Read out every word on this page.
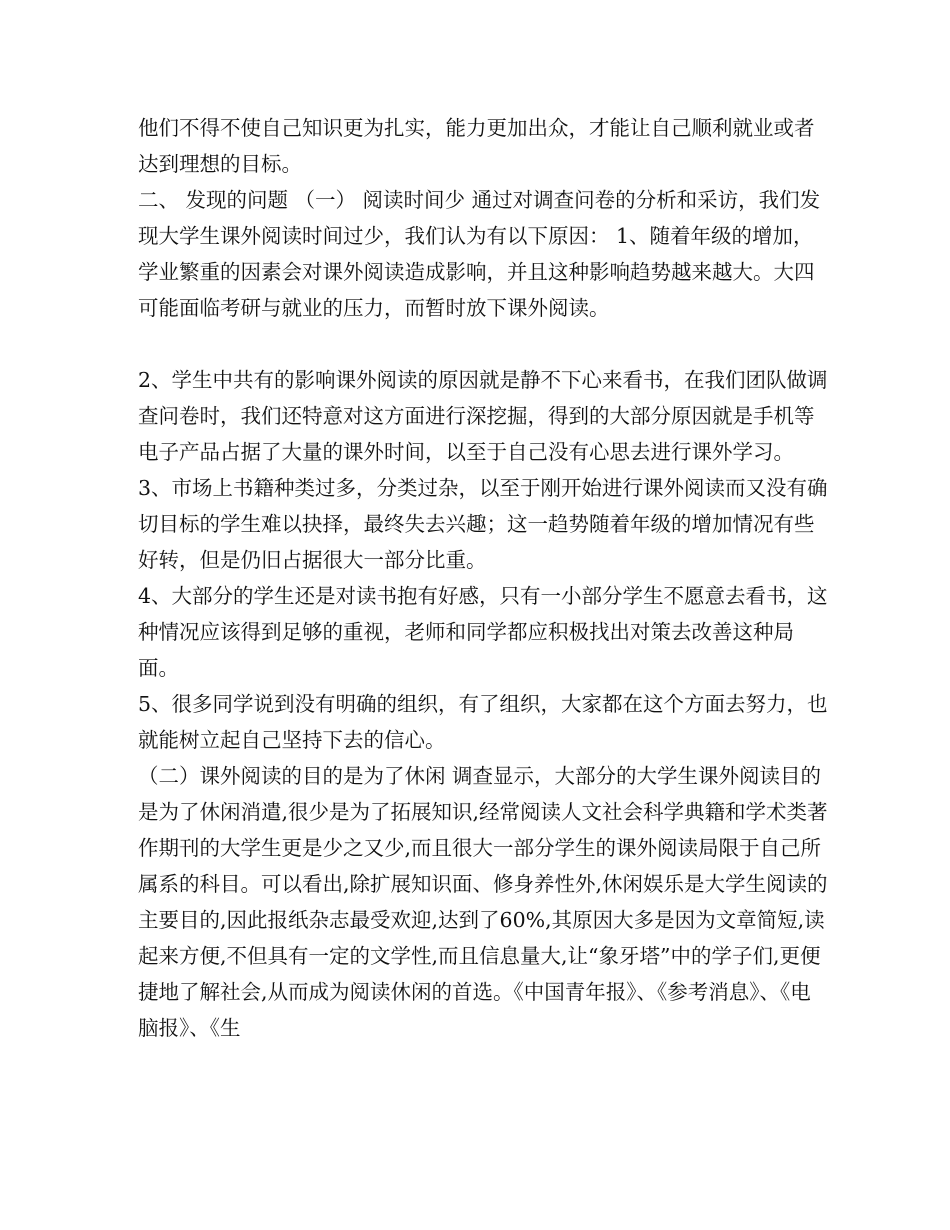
他们不得不使自己知识更为扎实，能力更加出众，才能让自己顺利就业或者达到理想的目标。

二、 发现的问题 （一） 阅读时间少 通过对调查问卷的分析和采访，我们发现大学生课外阅读时间过少，我们认为有以下原因： 1、随着年级的增加，学业繁重的因素会对课外阅读造成影响，并且这种影响趋势越来越大。大四可能面临考研与就业的压力，而暂时放下课外阅读。

2、学生中共有的影响课外阅读的原因就是静不下心来看书，在我们团队做调查问卷时，我们还特意对这方面进行深挖掘，得到的大部分原因就是手机等电子产品占据了大量的课外时间，以至于自己没有心思去进行课外学习。

3、市场上书籍种类过多，分类过杂，以至于刚开始进行课外阅读而又没有确切目标的学生难以抉择，最终失去兴趣；这一趋势随着年级的增加情况有些好转，但是仍旧占据很大一部分比重。

4、大部分的学生还是对读书抱有好感，只有一小部分学生不愿意去看书，这种情况应该得到足够的重视，老师和同学都应积极找出对策去改善这种局面。

5、很多同学说到没有明确的组织，有了组织，大家都在这个方面去努力，也就能树立起自己坚持下去的信心。

（二）课外阅读的目的是为了休闲 调查显示，大部分的大学生课外阅读目的是为了休闲消遣,很少是为了拓展知识,经常阅读人文社会科学典籍和学术类著作期刊的大学生更是少之又少,而且很大一部分学生的课外阅读局限于自己所属系的科目。可以看出,除扩展知识面、修身养性外,休闲娱乐是大学生阅读的主要目的,因此报纸杂志最受欢迎,达到了60%,其原因大多是因为文章简短,读起来方便,不但具有一定的文学性,而且信息量大,让“象牙塔”中的学子们,更便捷地了解社会,从而成为阅读休闲的首选。《中国青年报》、《参考消息》、《电脑报》、《生
